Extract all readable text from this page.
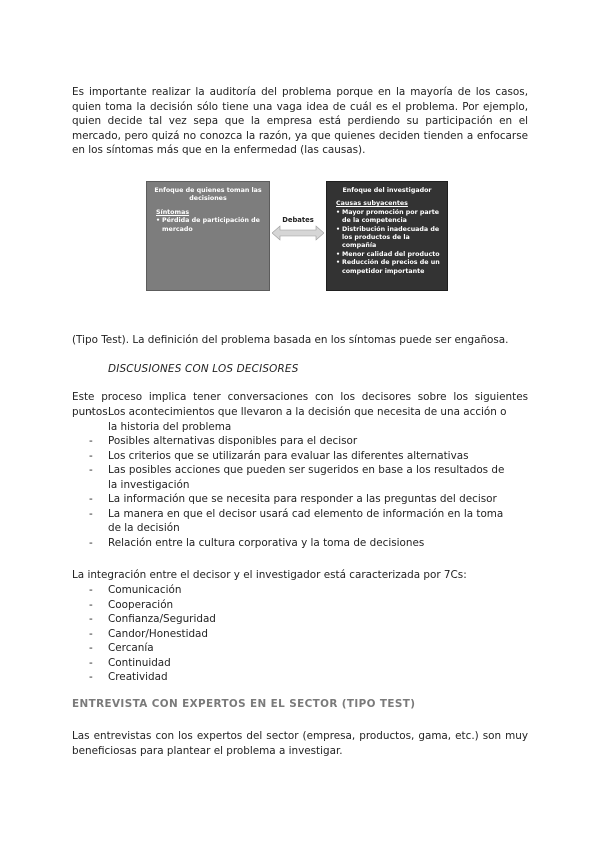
Es importante realizar la auditoría del problema porque en la mayoría de los casos, quien toma la decisión sólo tiene una vaga idea de cuál es el problema. Por ejemplo, quien decide tal vez sepa que la empresa está perdiendo su participación en el mercado, pero quizá no conozca la razón, ya que quienes deciden tienden a enfocarse en los síntomas más que en la enfermedad (las causas).

Enfoque de quienes toman las decisiones
Síntomas
• Pérdida de participación de mercado
Debates
Enfoque del investigador
Causas subyacentes
• Mayor promoción por parte de la competencia
• Distribución inadecuada de los productos de la compañía
• Menor calidad del producto
• Reducción de precios de un competidor importante

(Tipo Test). La definición del problema basada en los síntomas puede ser engañosa.

DISCUSIONES CON LOS DECISORES

Este proceso implica tener conversaciones con los decisores sobre los siguientes puntos:

- Los acontecimientos que llevaron a la decisión que necesita de una acción o la historia del problema
- Posibles alternativas disponibles para el decisor
- Los criterios que se utilizarán para evaluar las diferentes alternativas
- Las posibles acciones que pueden ser sugeridos en base a los resultados de la investigación
- La información que se necesita para responder a las preguntas del decisor
- La manera en que el decisor usará cad elemento de información en la toma de la decisión
- Relación entre la cultura corporativa y la toma de decisiones

La integración entre el decisor y el investigador está caracterizada por 7Cs:

- Comunicación
- Cooperación
- Confianza/Seguridad
- Candor/Honestidad
- Cercanía
- Continuidad
- Creatividad
ENTREVISTA CON EXPERTOS EN EL SECTOR (TIPO TEST)

Las entrevistas con los expertos del sector (empresa, productos, gama, etc.) son muy beneficiosas para plantear el problema a investigar.
